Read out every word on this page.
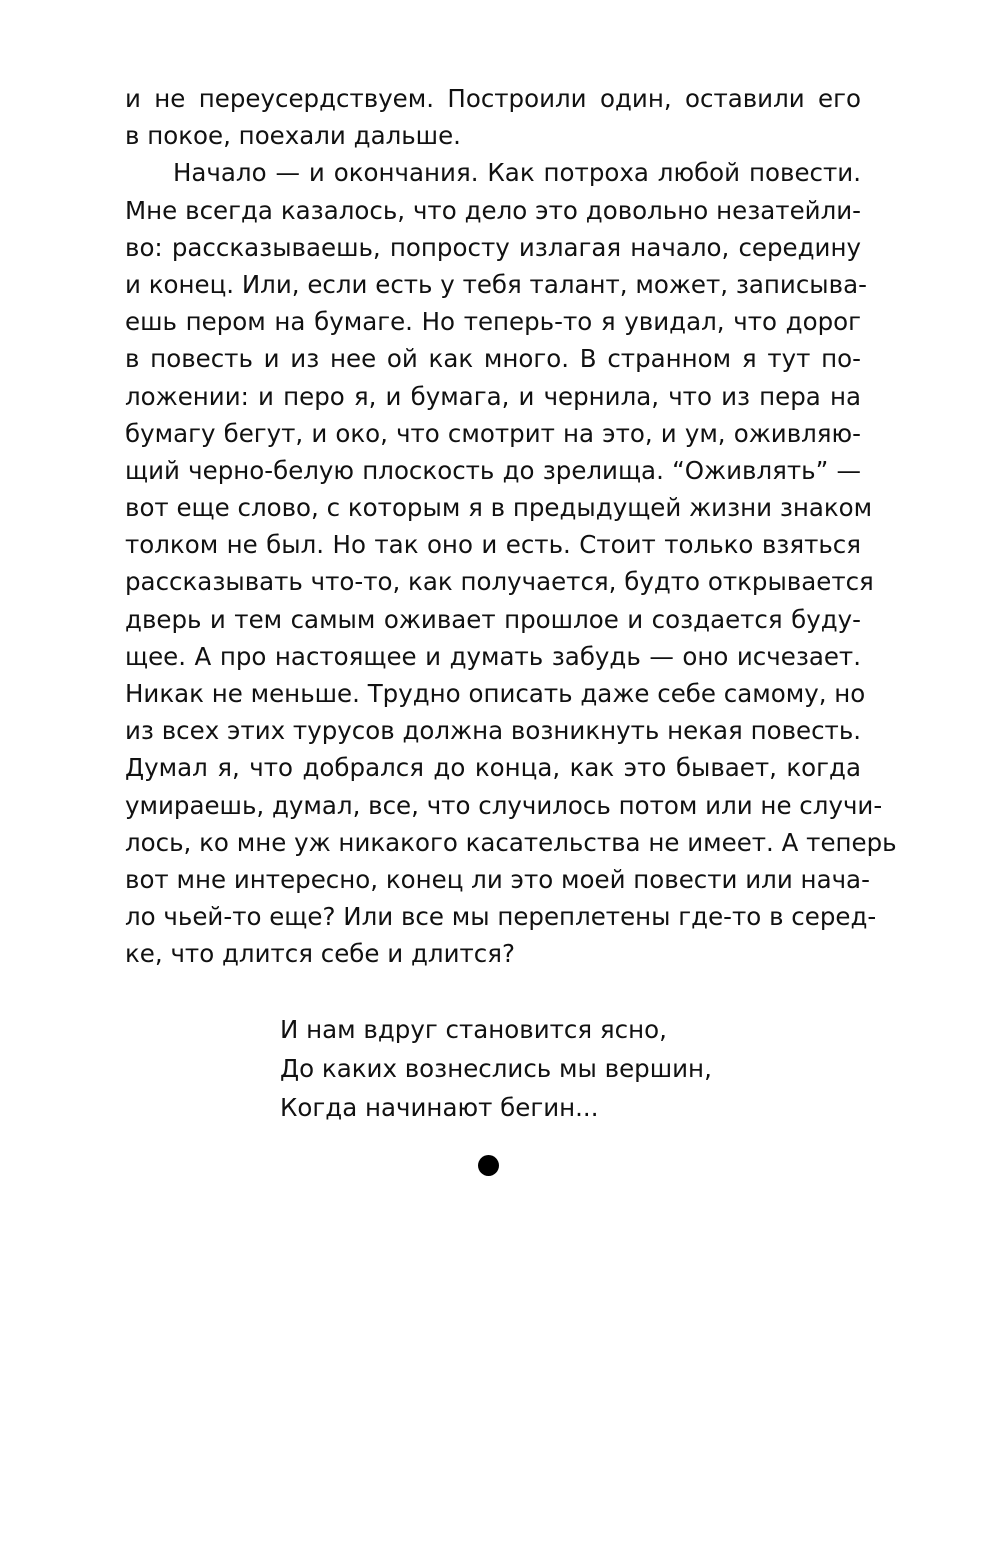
и не переусердствуем. Построили один, оставили его
в покое, поехали дальше.
Начало — и окончания. Как потроха любой повести.
Мне всегда казалось, что дело это довольно незатейли-
во: рассказываешь, попросту излагая начало, середину
и конец. Или, если есть у тебя талант, может, записыва-
ешь пером на бумаге. Но теперь-то я увидал, что дорог
в повесть и из нее ой как много. В странном я тут по-
ложении: и перо я, и бумага, и чернила, что из пера на
бумагу бегут, и око, что смотрит на это, и ум, оживляю-
щий черно-белую плоскость до зрелища. “Оживлять” —
вот еще слово, с которым я в предыдущей жизни знаком
толком не был. Но так оно и есть. Стоит только взяться
рассказывать что-то, как получается, будто открывается
дверь и тем самым оживает прошлое и создается буду-
щее. А про настоящее и думать забудь — оно исчезает.
Никак не меньше. Трудно описать даже себе самому, но
из всех этих турусов должна возникнуть некая повесть.
Думал я, что добрался до конца, как это бывает, когда
умираешь, думал, все, что случилось потом или не случи-
лось, ко мне уж никакого касательства не имеет. А теперь
вот мне интересно, конец ли это моей повести или нача-
ло чьей-то еще? Или все мы переплетены где-то в серед-
ке, что длится себе и длится?
И нам вдруг становится ясно,
До каких вознеслись мы вершин,
Когда начинают бегин...
